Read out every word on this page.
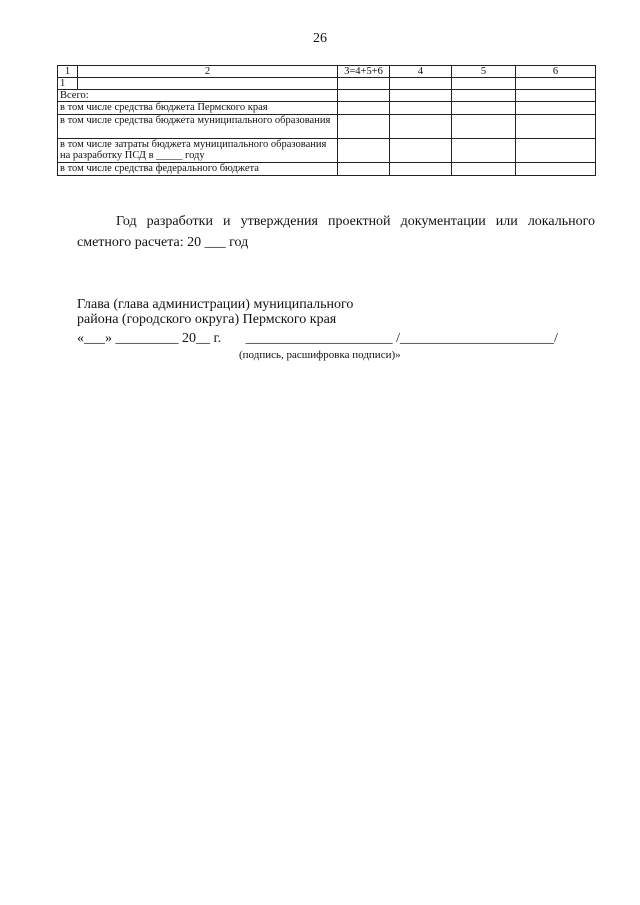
26
1	2	3=4+5+6	4	5	6
1					
Всего:					
в том числе средства бюджета Пермского края					
в том числе средства бюджета муниципального образования					
в том числе затраты бюджета муниципального образования на разработку ПСД в _____ году					
в том числе средства федерального бюджета					
Год разработки и утверждения проектной документации или локального сметного расчета: 20 ___ год
Глава (глава администрации) муниципального
района (городского округа) Пермского края
«___» _________ 20__ г.       _____________________ /______________________/
(подпись, расшифровка подписи)»
